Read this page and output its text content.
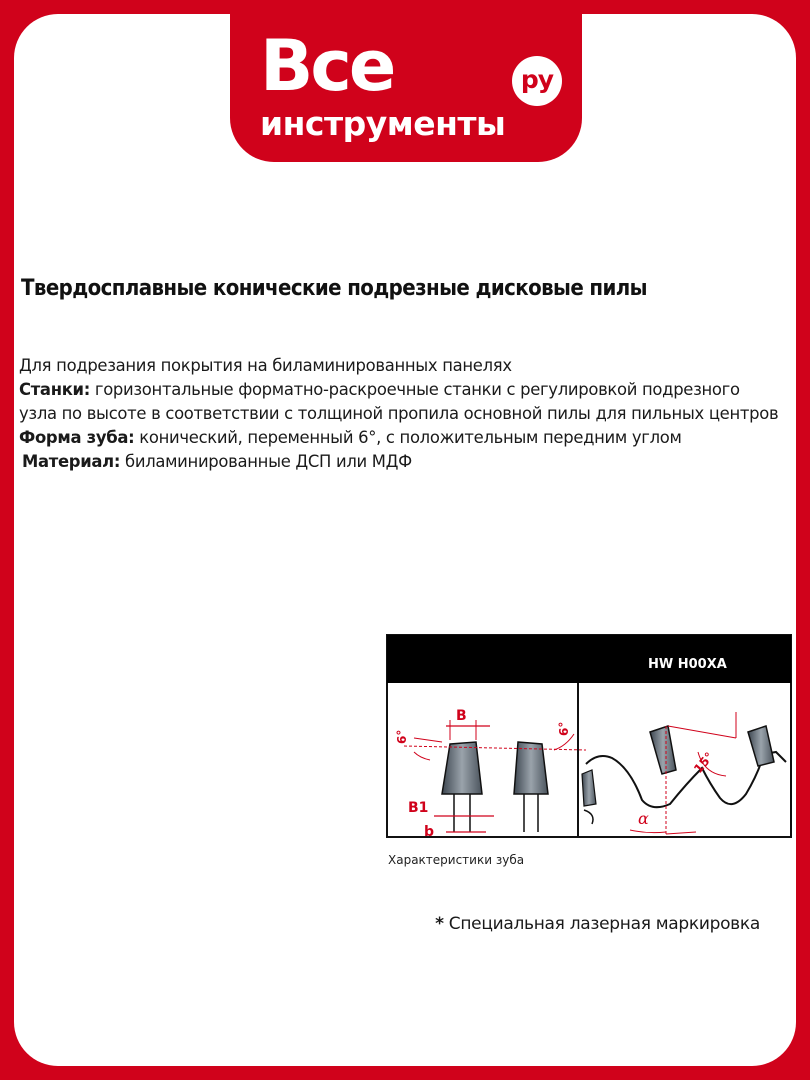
Все	ру
инструменты
Твердосплавные конические подрезные дисковые пилы

Для подрезания покрытия на биламинированных панелях

Станки: горизонтальные форматно-раскроечные станки с регулировкой подрезного узла по высоте в соответствии с толщиной пропила основной пилы для пильных центров

Форма зуба: конический, переменный 6°, с положительным передним углом

Материал: биламинированные ДСП или МДФ

HW H00XA
B
6°
6°
B1
b
15°
α
Характеристики зуба
* Специальная лазерная маркировка
